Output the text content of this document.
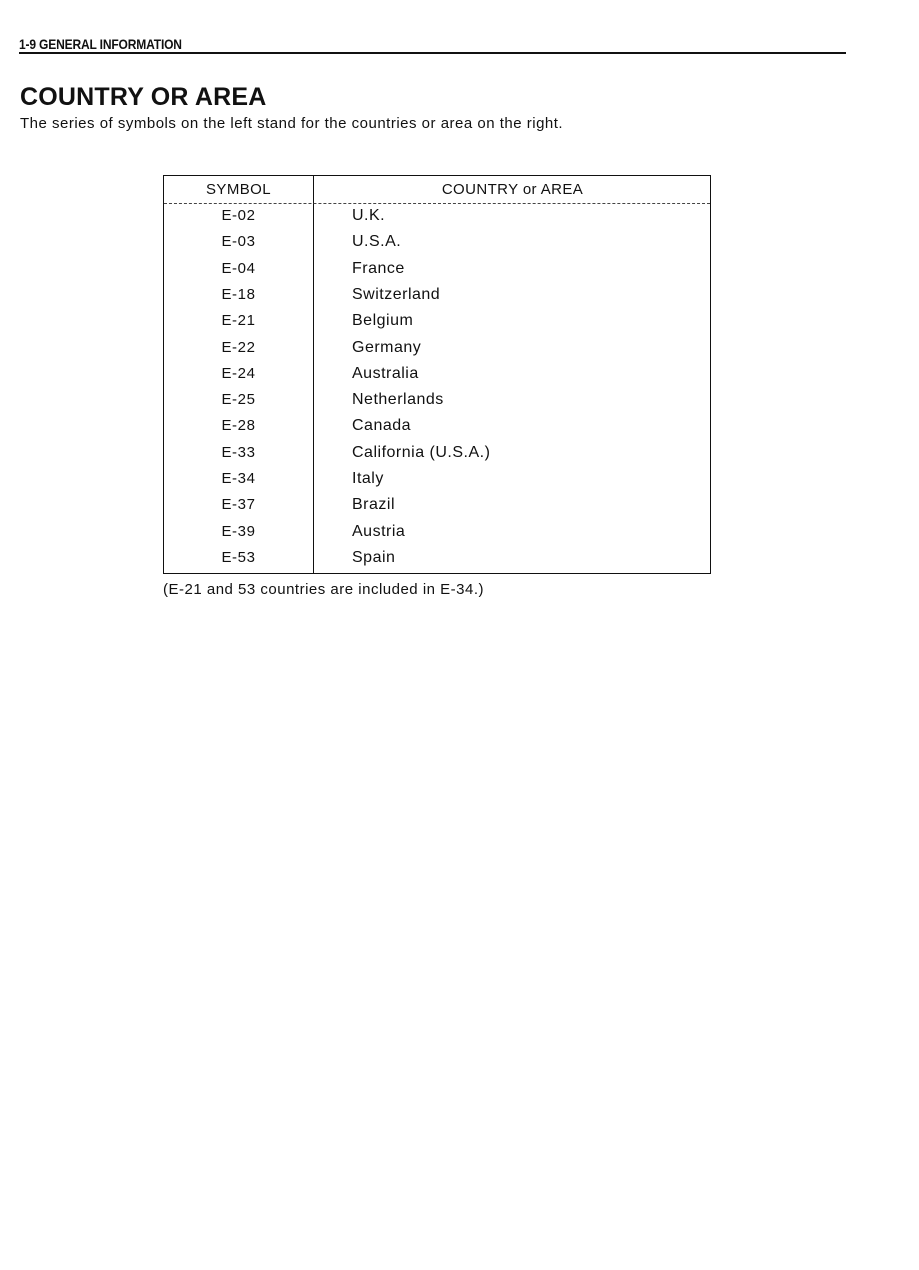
1-9 GENERAL INFORMATION
COUNTRY OR AREA

The series of symbols on the left stand for the countries or area on the right.

SYMBOL	COUNTRY or AREA
E-02	U.K.
E-03	U.S.A.
E-04	France
E-18	Switzerland
E-21	Belgium
E-22	Germany
E-24	Australia
E-25	Netherlands
E-28	Canada
E-33	California (U.S.A.)
E-34	Italy
E-37	Brazil
E-39	Austria
E-53	Spain

(E-21 and 53 countries are included in E-34.)
